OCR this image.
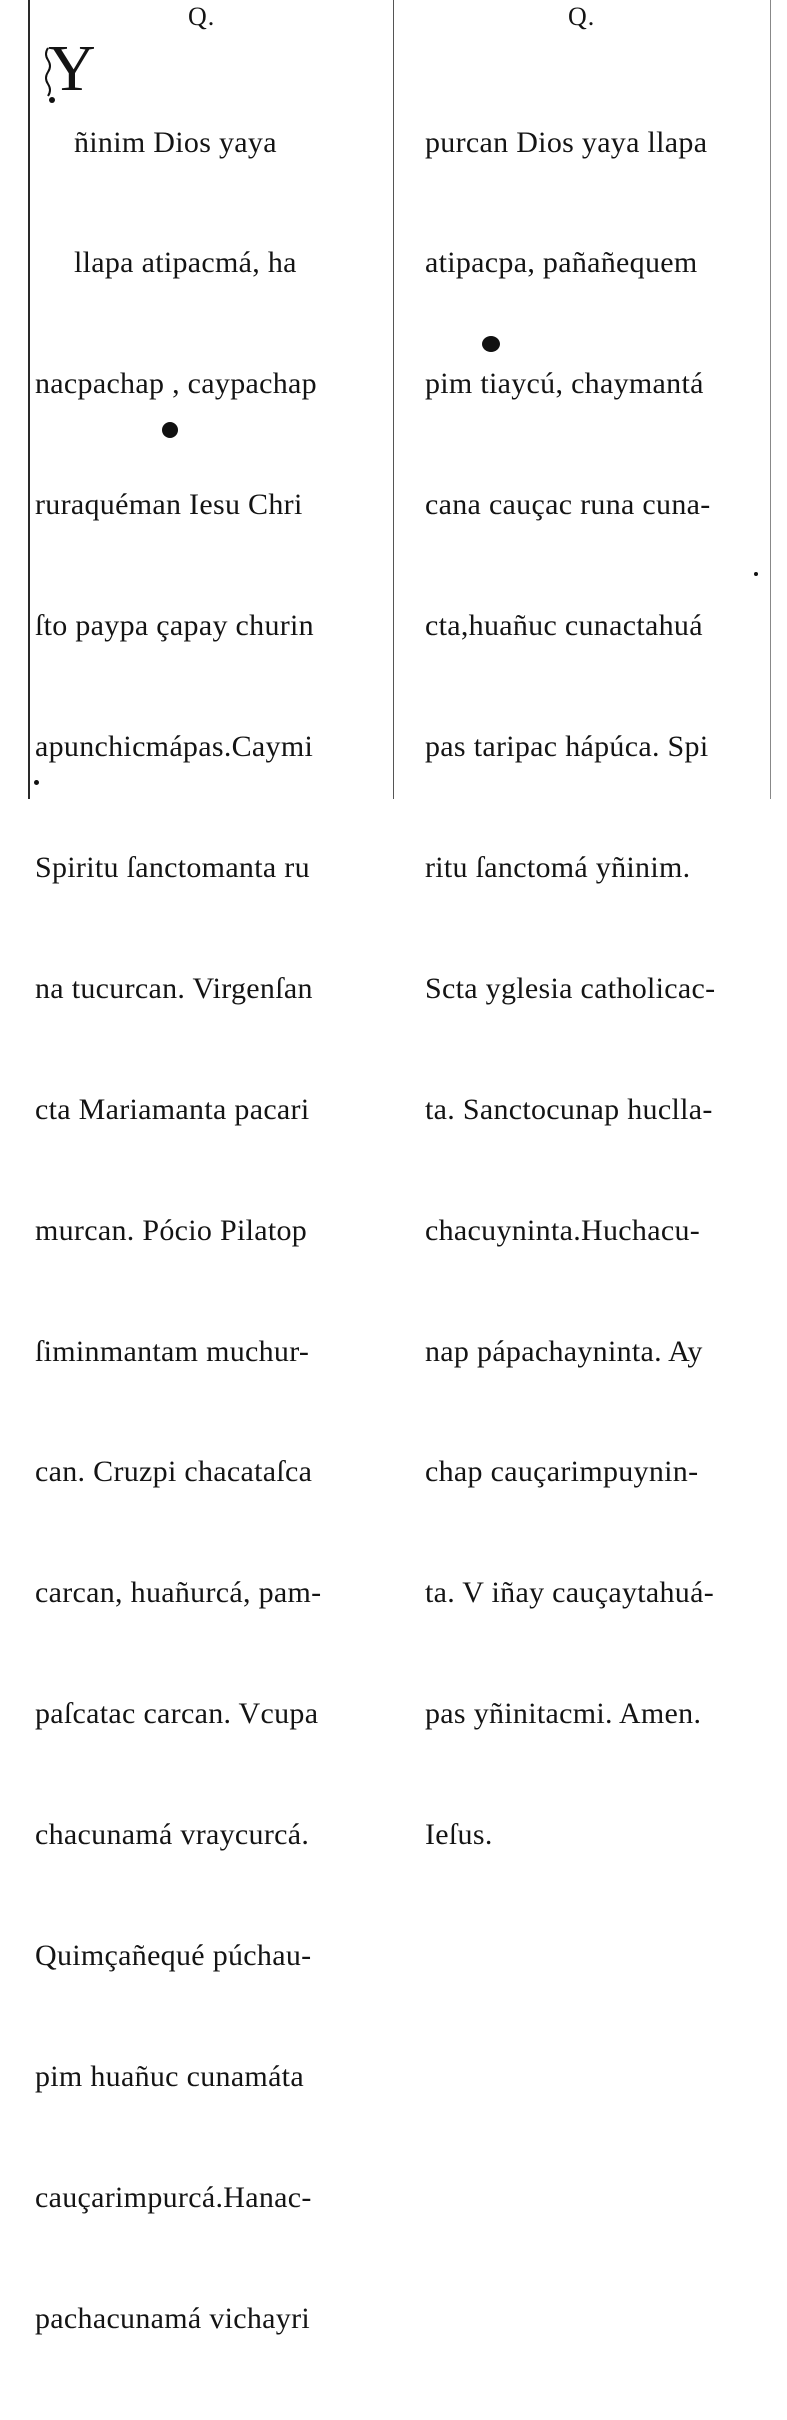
Q.	Q.
Y

ñinim Dios yaya

llapa atipacmá, ha

nacpachap , caypachap

ruraquéman Iesu Chri

ſto paypa çapay churin

apunchicmápas.Caymi

Spiritu ſanctomanta ru

na tucurcan. Virgenſan

cta Mariamanta pacari

murcan. Pócio Pilatop

ſiminmantam muchur-

can. Cruzpi chacataſca

carcan, huañurcá, pam-

paſcatac carcan. Vcupa

chacunamá vraycurcá.

Quimçañequé púchau-

pim huañuc cunamáta

cauçarimpurcá.Hanac-

pachacunamá vichayri

purcan Dios yaya llapa

atipacpa, pañañequem

pim tiaycú, chaymantá

cana cauçac runa cuna-

cta,huañuc cunactahuá

pas taripac hápúca. Spi

ritu ſanctomá yñinim.

Scta yglesia catholicac-

ta. Sanctocunap huclla-

chacuyninta.Huchacu-

nap pápachayninta. Ay

chap cauçarimpuynin-

ta. V iñay cauçaytahuá-

pas yñinitacmi. Amen.

Ieſus.
